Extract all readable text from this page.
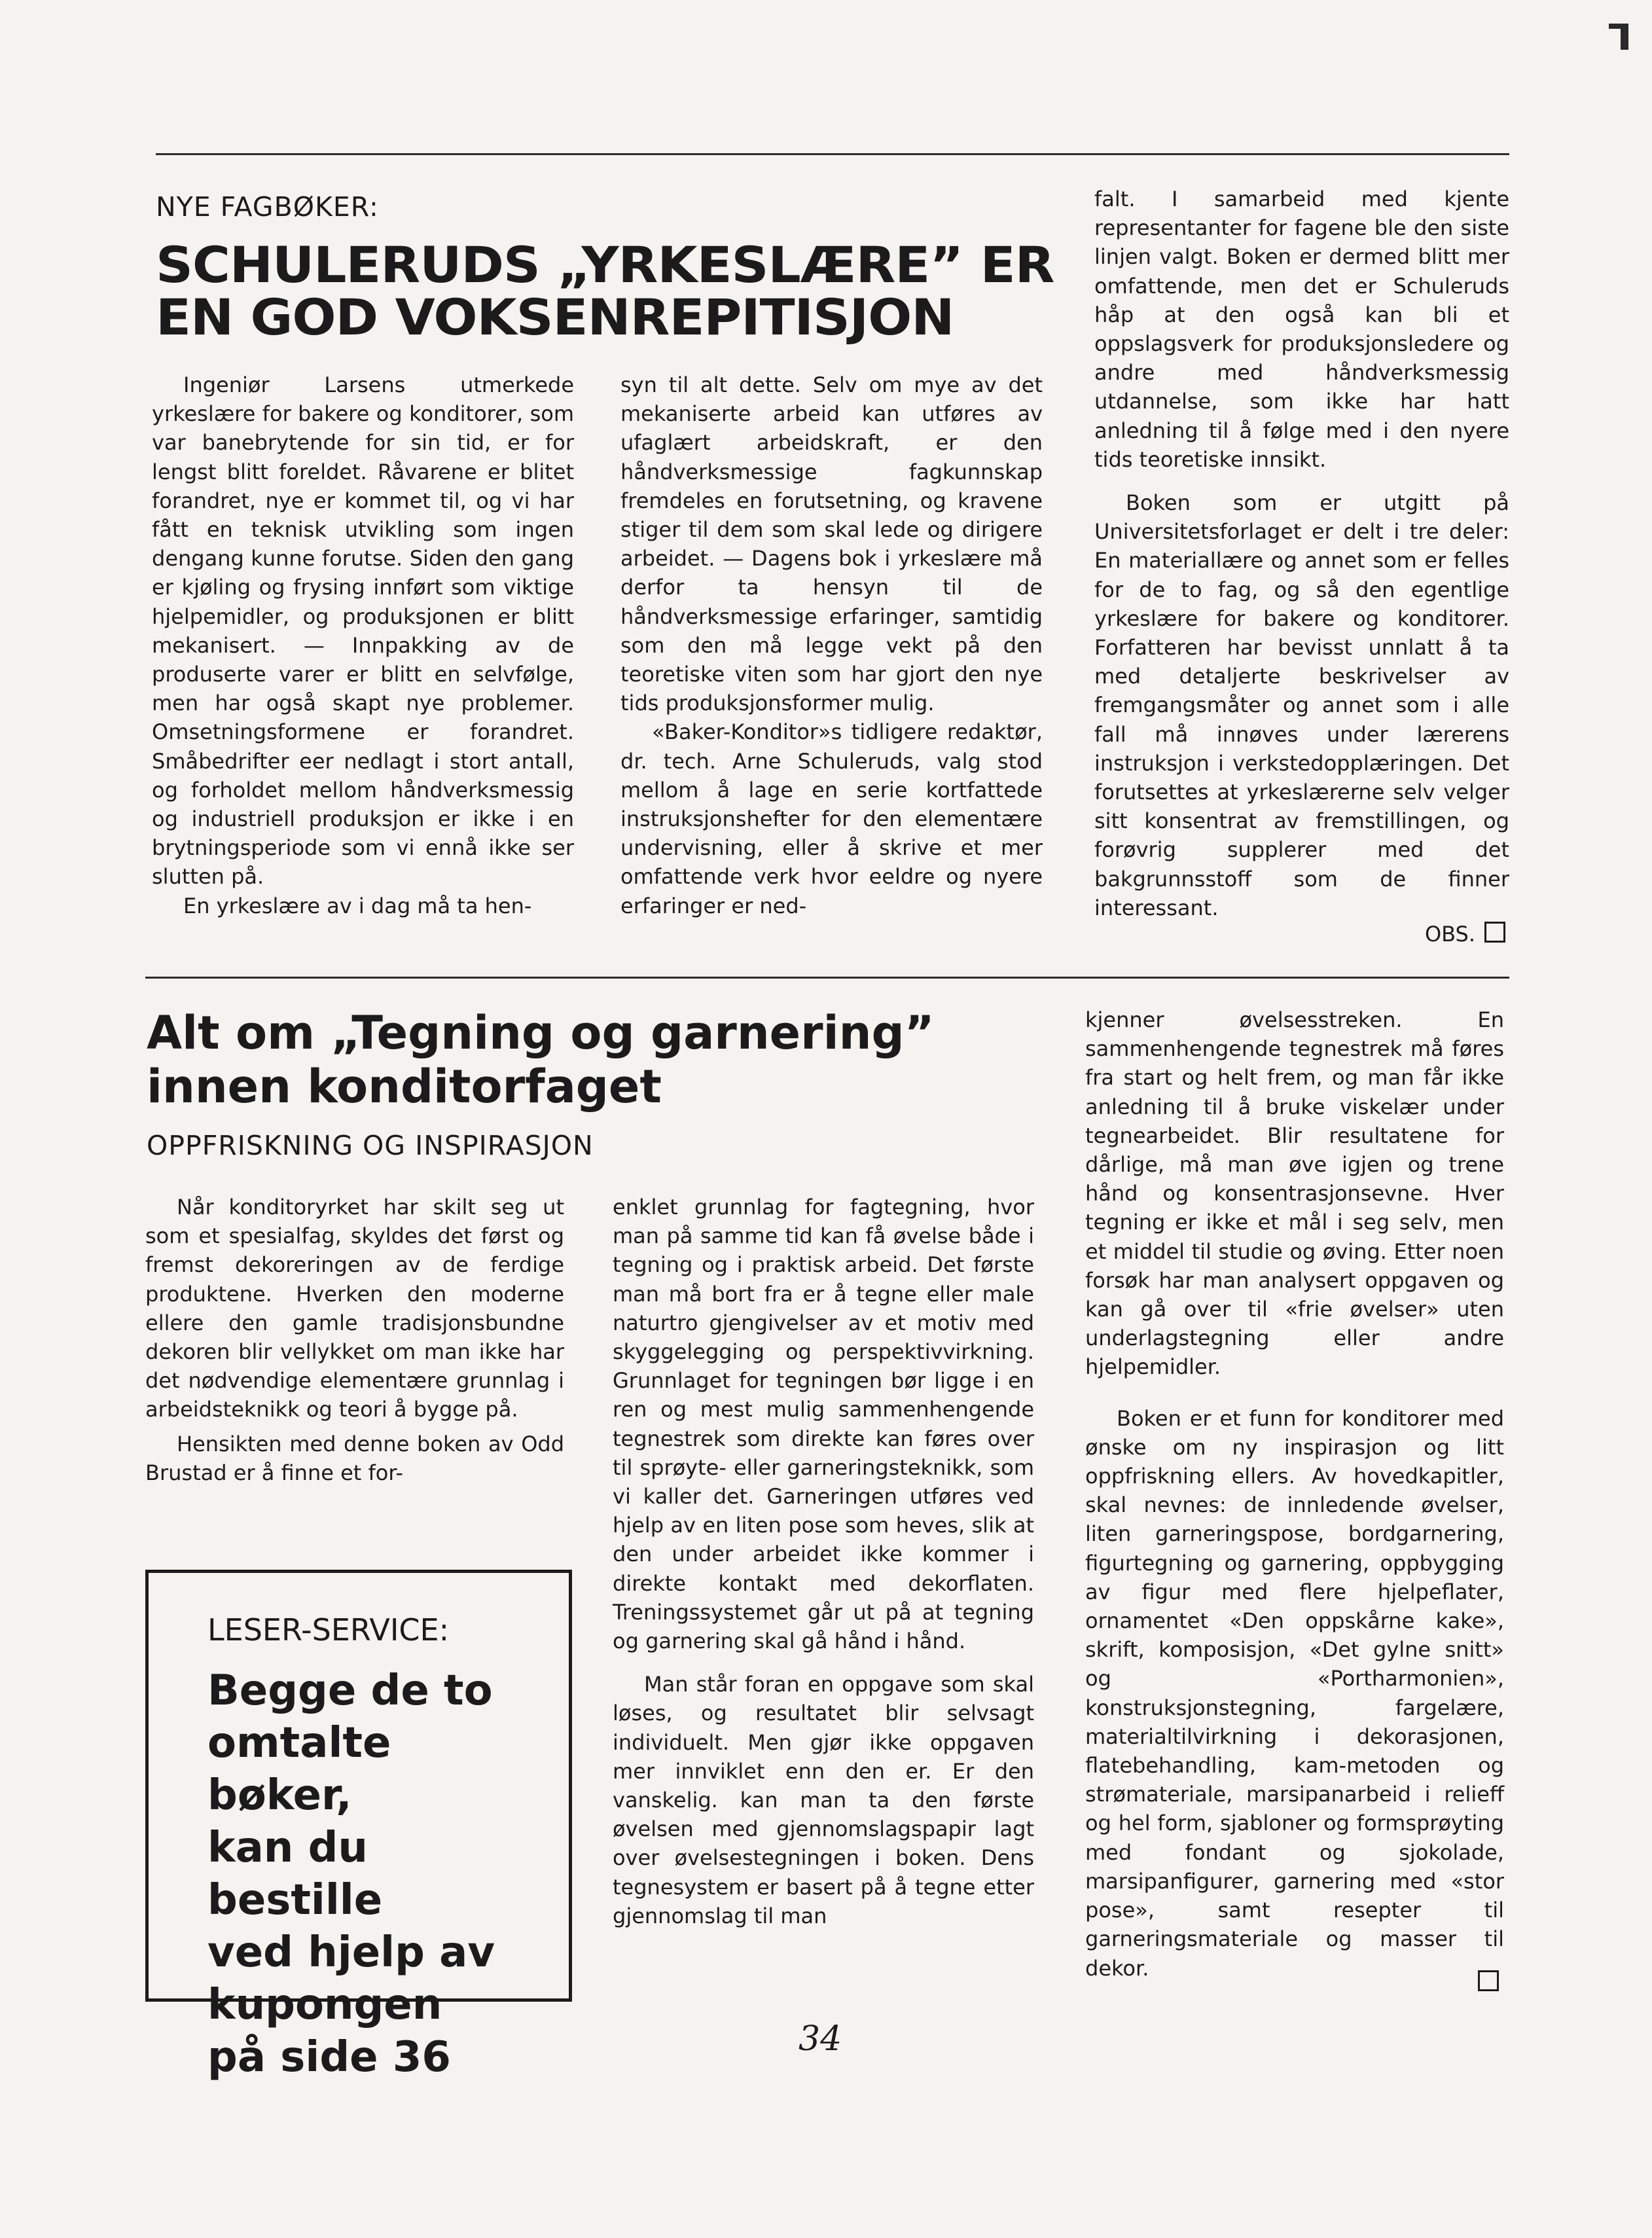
NYE FAGBØKER:
SCHULERUDS „YRKESLÆRE” ER
EN GOD VOKSENREPITISJON

Ingeniør Larsens utmerkede yrkeslære for bakere og konditorer, som var banebrytende for sin tid, er for lengst blitt foreldet. Råvarene er blitet forandret, nye er kommet til, og vi har fått en teknisk utvikling som ingen dengang kunne forutse. Siden den gang er kjøling og frysing innført som viktige hjelpemidler, og produksjonen er blitt mekanisert. — Innpakking av de produserte varer er blitt en selvfølge, men har også skapt nye problemer. Omsetningsformene er forandret. Småbedrifter eer nedlagt i stort antall, og forholdet mellom håndverksmessig og industriell produksjon er ikke i en brytningsperiode som vi ennå ikke ser slutten på.

En yrkeslære av i dag må ta hen-

syn til alt dette. Selv om mye av det mekaniserte arbeid kan utføres av ufaglært arbeidskraft, er den håndverksmessige fagkunnskap fremdeles en forutsetning, og kravene stiger til dem som skal lede og dirigere arbeidet. — Dagens bok i yrkeslære må derfor ta hensyn til de håndverksmessige erfaringer, samtidig som den må legge vekt på den teoretiske viten som har gjort den nye tids produksjonsformer mulig.

«Baker-Konditor»s tidligere redaktør, dr. tech. Arne Schuleruds, valg stod mellom å lage en serie kortfattede instruksjonshefter for den elementære undervisning, eller å skrive et mer omfattende verk hvor eeldre og nyere erfaringer er ned-

falt. I samarbeid med kjente representanter for fagene ble den siste linjen valgt. Boken er dermed blitt mer omfattende, men det er Schuleruds håp at den også kan bli et oppslagsverk for produksjonsledere og andre med håndverksmessig utdannelse, som ikke har hatt anledning til å følge med i den nyere tids teoretiske innsikt.

Boken som er utgitt på Universitetsforlaget er delt i tre deler: En materiallære og annet som er felles for de to fag, og så den egentlige yrkeslære for bakere og konditorer. Forfatteren har bevisst unnlatt å ta med detaljerte beskrivelser av fremgangsmåter og annet som i alle fall må innøves under lærerens instruksjon i verkstedopplæringen. Det forutsettes at yrkeslærerne selv velger sitt konsentrat av fremstillingen, og forøvrig supplerer med det bakgrunnsstoff som de finner interessant.

OBS.
Alt om „Tegning og garnering”
innen konditorfaget
OPPFRISKNING OG INSPIRASJON

Når konditoryrket har skilt seg ut som et spesialfag, skyldes det først og fremst dekoreringen av de ferdige produktene. Hverken den moderne ellere den gamle tradisjonsbundne dekoren blir vellykket om man ikke har det nødvendige elementære grunnlag i arbeidsteknikk og teori å bygge på.

Hensikten med denne boken av Odd Brustad er å finne et for-

enklet grunnlag for fagtegning, hvor man på samme tid kan få øvelse både i tegning og i praktisk arbeid. Det første man må bort fra er å tegne eller male naturtro gjengivelser av et motiv med skyggelegging og perspektivvirkning. Grunnlaget for tegningen bør ligge i en ren og mest mulig sammenhengende tegnestrek som direkte kan føres over til sprøyte- eller garneringsteknikk, som vi kaller det. Garneringen utføres ved hjelp av en liten pose som heves, slik at den under arbeidet ikke kommer i direkte kontakt med dekorflaten. Treningssystemet går ut på at tegning og garnering skal gå hånd i hånd.

Man står foran en oppgave som skal løses, og resultatet blir selvsagt individuelt. Men gjør ikke oppgaven mer innviklet enn den er. Er den vanskelig. kan man ta den første øvelsen med gjennomslagspapir lagt over øvelsestegningen i boken. Dens tegnesystem er basert på å tegne etter gjennomslag til man

kjenner øvelsesstreken. En sammenhengende tegnestrek må føres fra start og helt frem, og man får ikke anledning til å bruke viskelær under tegnearbeidet. Blir resultatene for dårlige, må man øve igjen og trene hånd og konsentrasjonsevne. Hver tegning er ikke et mål i seg selv, men et middel til studie og øving. Etter noen forsøk har man analysert oppgaven og kan gå over til «frie øvelser» uten underlagstegning eller andre hjelpemidler.

Boken er et funn for konditorer med ønske om ny inspirasjon og litt oppfriskning ellers. Av hovedkapitler, skal nevnes: de innledende øvelser, liten garneringspose, bordgarnering, figurtegning og garnering, oppbygging av figur med flere hjelpeflater, ornamentet «Den oppskårne kake», skrift, komposisjon, «Det gylne snitt» og «Portharmonien», konstruksjonstegning, fargelære, materialtilvirkning i dekorasjonen, flatebehandling, kam-metoden og strømateriale, marsipanarbeid i relieff og hel form, sjabloner og formsprøyting med fondant og sjokolade, marsipanfigurer, garnering med «stor pose», samt resepter til garneringsmateriale og masser til dekor.

LESER-SERVICE:
Begge de to
omtalte bøker,
kan du bestille
ved hjelp av
kupongen
på side 36	34
